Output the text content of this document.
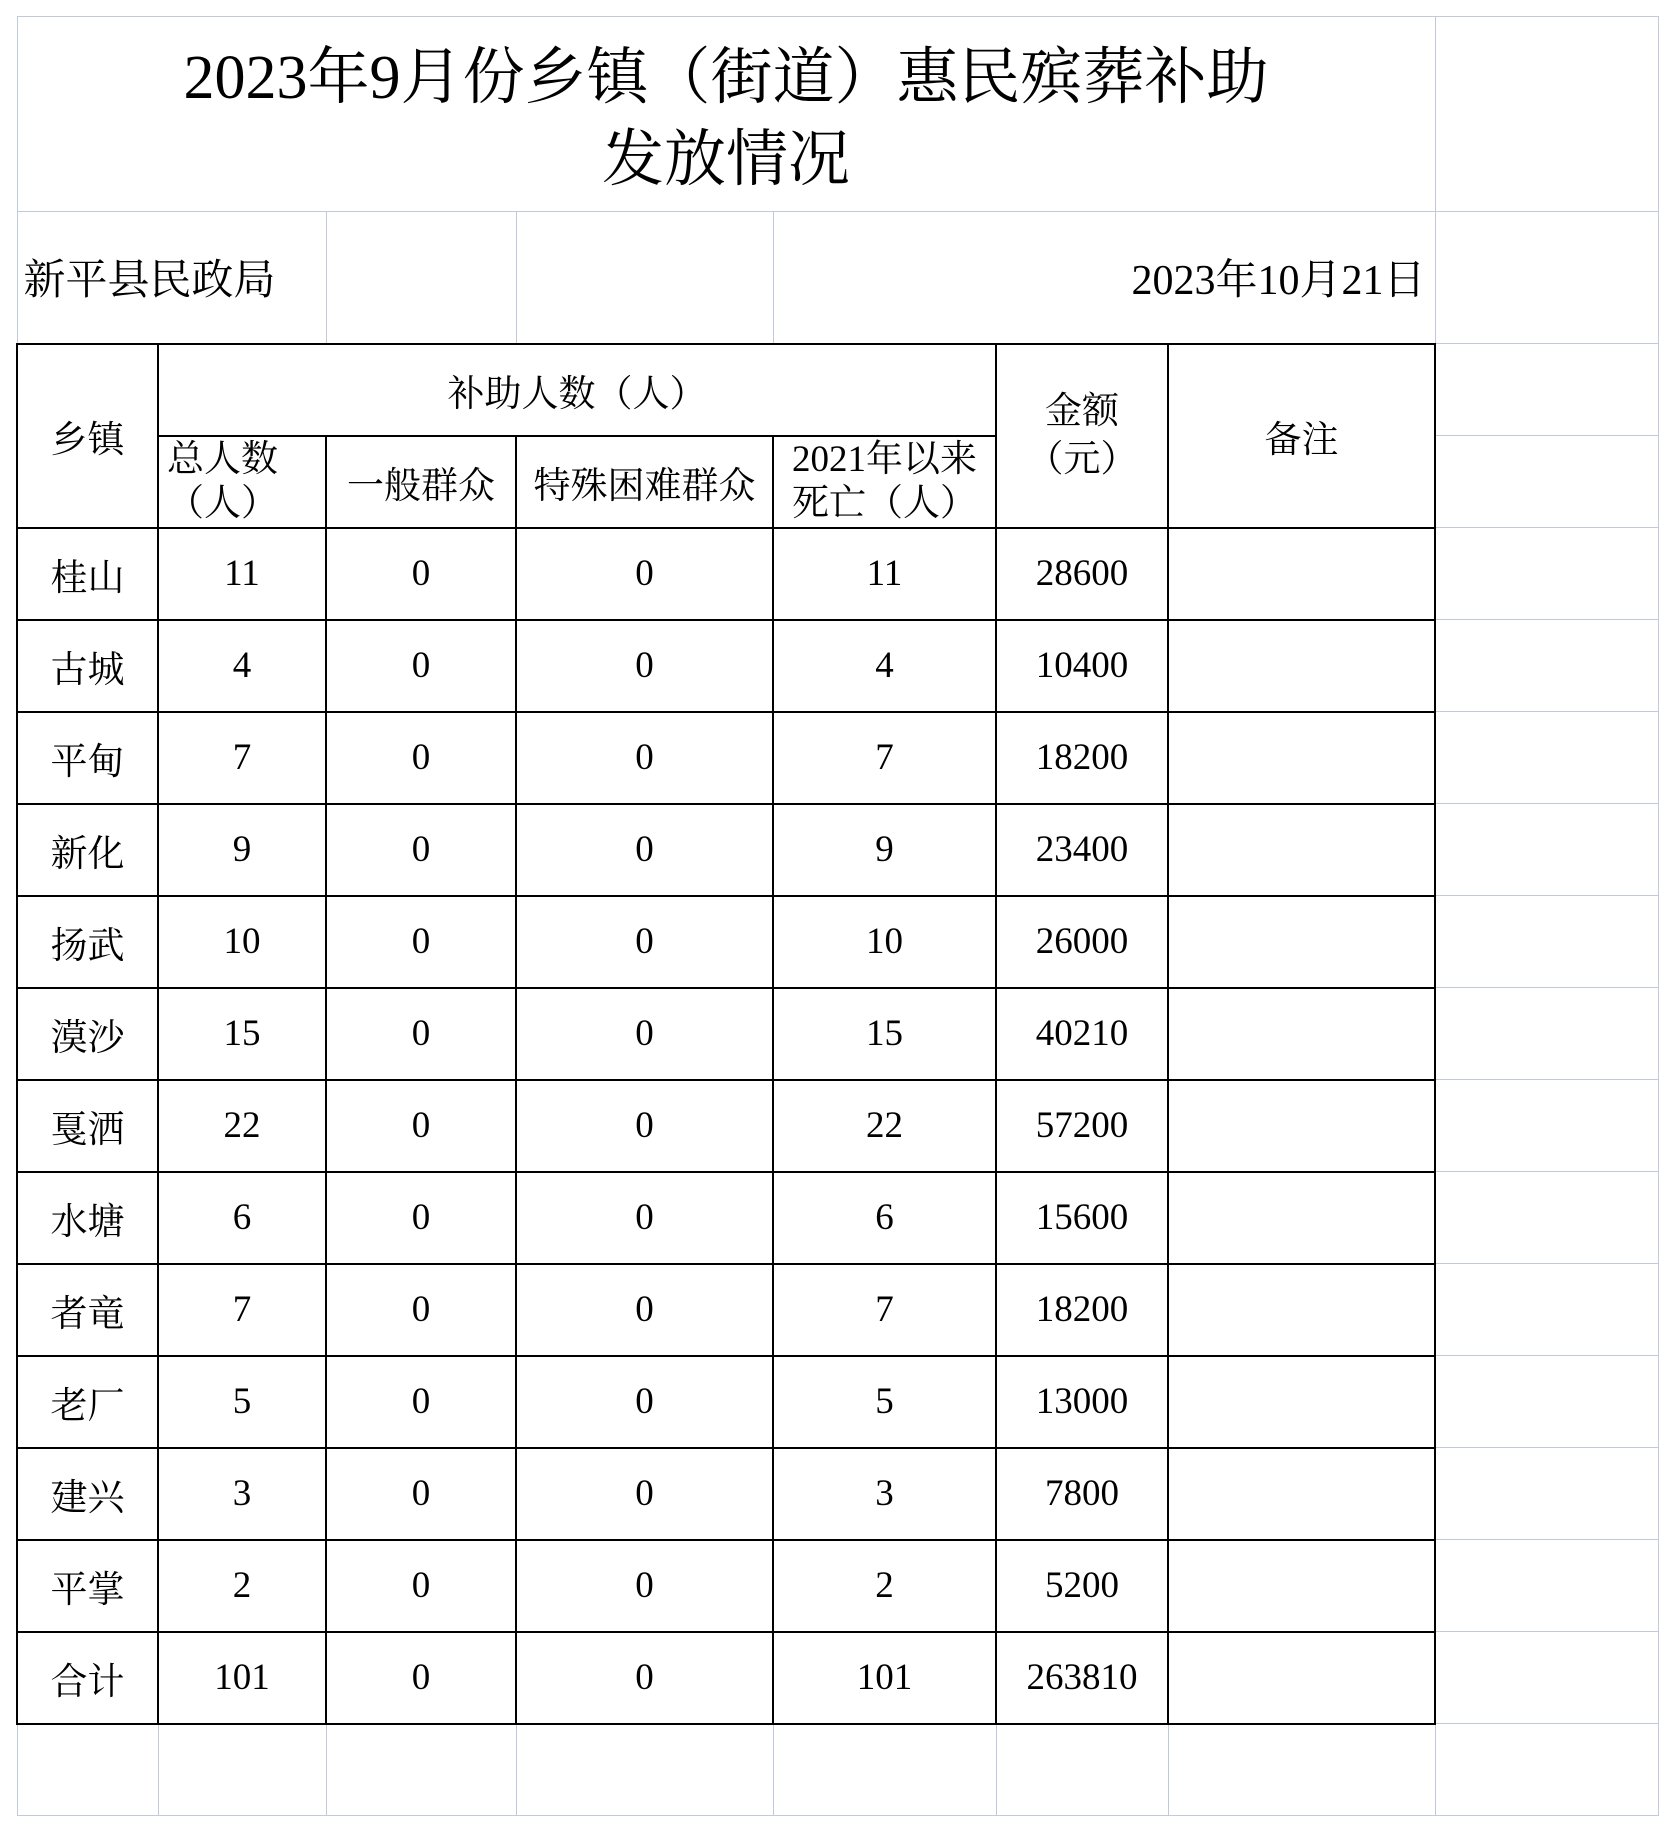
2023年9月份乡镇（街道）惠民殡葬补助
发放情况							

新平县民政局				2023年10月21日			
乡镇	补助人数（人）				金额（元）	备注	
	总人数（人）	一般群众	特殊困难群众	2021年以来死亡（人）			
桂山	11	0	0	11	28600		
古城	4	0	0	4	10400		
平甸	7	0	0	7	18200		
新化	9	0	0	9	23400		
扬武	10	0	0	10	26000		
漠沙	15	0	0	15	40210		
戛洒	22	0	0	22	57200		
水塘	6	0	0	6	15600		
者竜	7	0	0	7	18200		
老厂	5	0	0	5	13000		
建兴	3	0	0	3	7800		
平掌	2	0	0	2	5200		
合计	101	0	0	101	263810		
